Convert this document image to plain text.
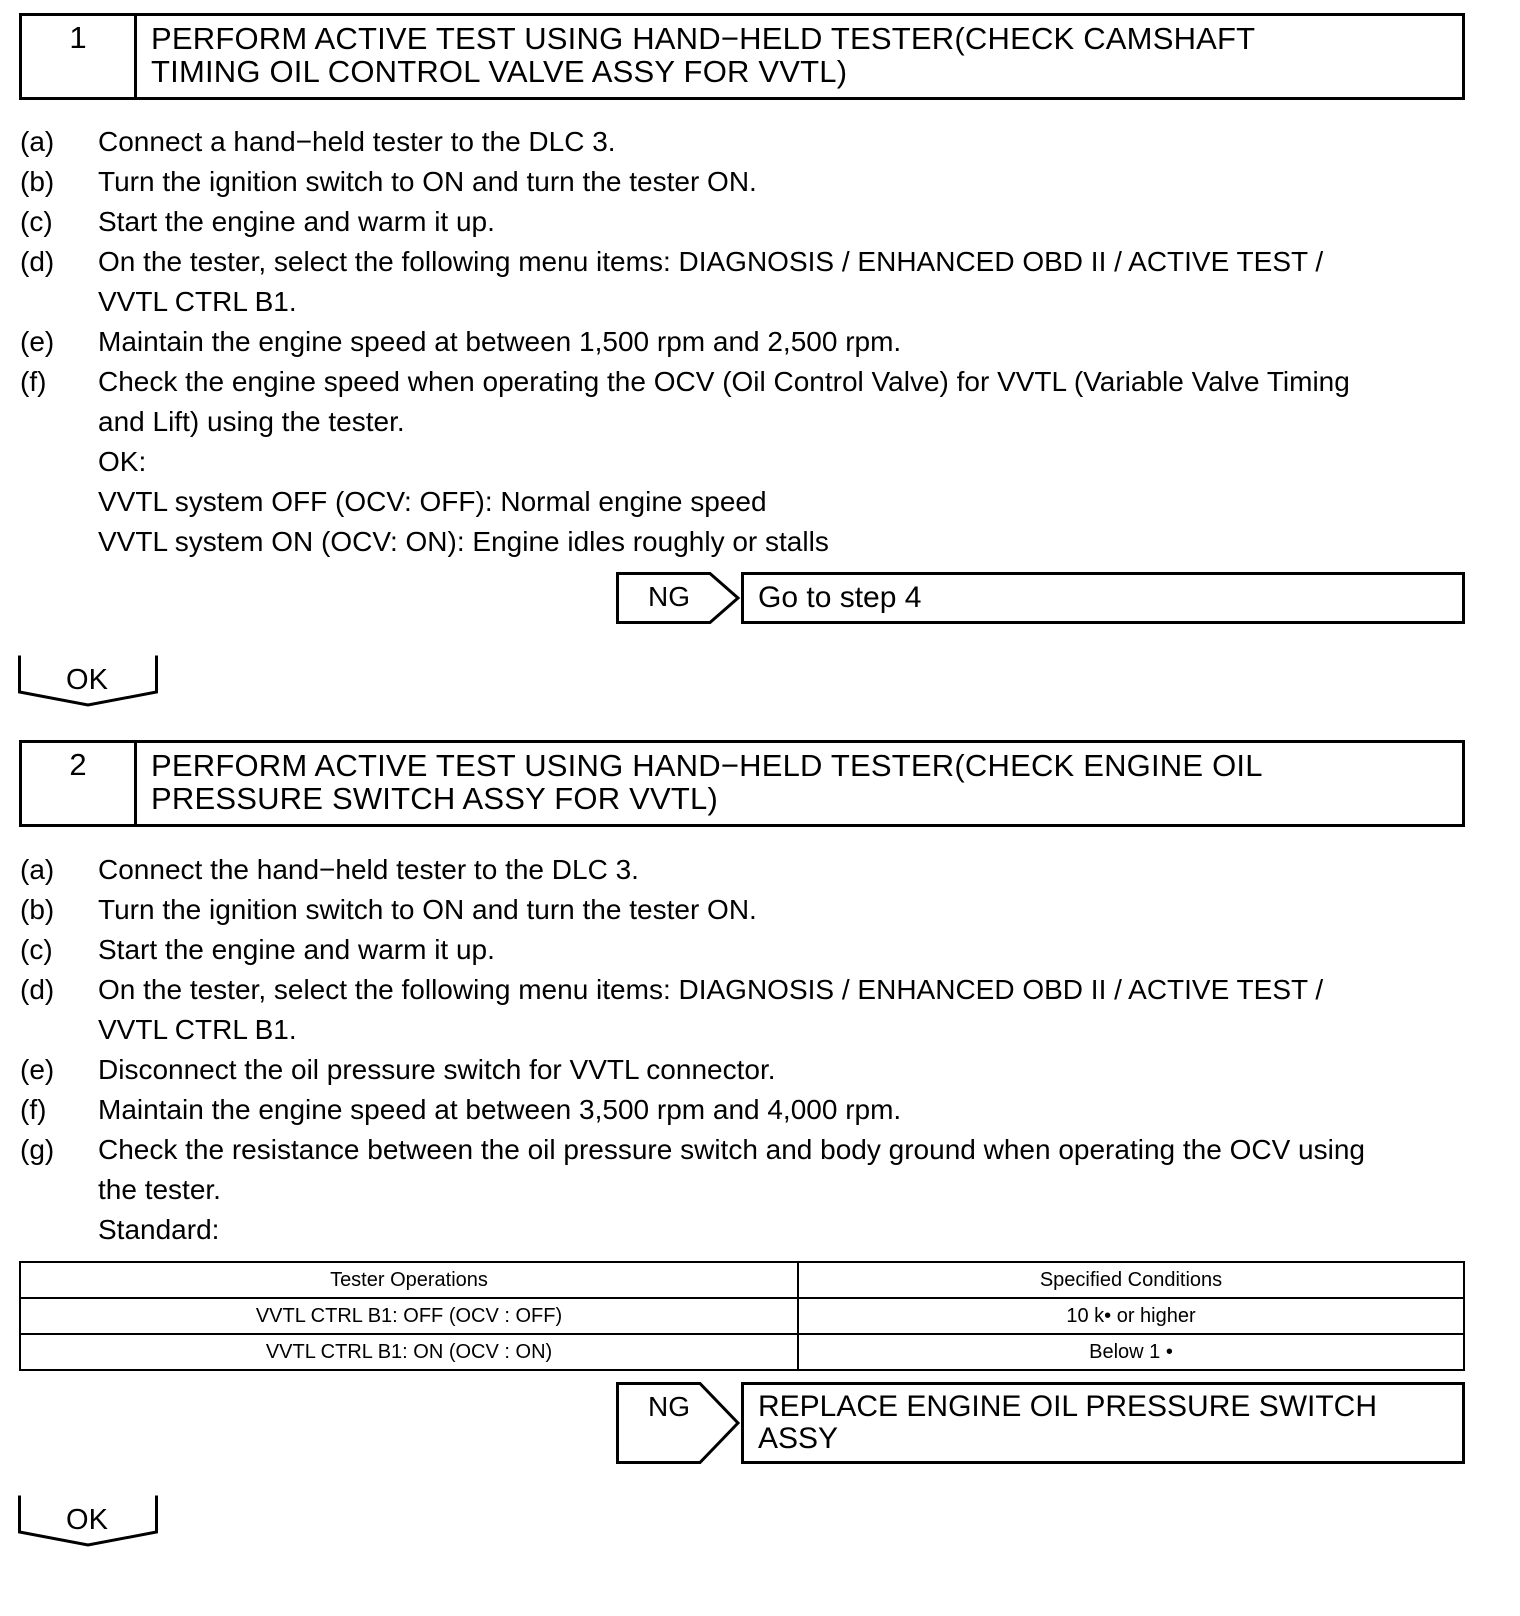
1	PERFORM ACTIVE TEST USING HAND−HELD TESTER(CHECK CAMSHAFT
TIMING OIL CONTROL VALVE ASSY FOR VVTL)
(a)	Connect a hand−held tester to the DLC 3.
(b)	Turn the ignition switch to ON and turn the tester ON.
(c)	Start the engine and warm it up.
(d)	On the tester, select the following menu items: DIAGNOSIS / ENHANCED OBD II / ACTIVE TEST /
VVTL CTRL B1.
(e)	Maintain the engine speed at between 1,500 rpm and 2,500 rpm.
(f)	Check the engine speed when operating the OCV (Oil Control Valve) for VVTL (Variable Valve Timing
and Lift) using the tester.
OK:
VVTL system OFF (OCV: OFF): Normal engine speed
VVTL system ON (OCV: ON): Engine idles roughly or stalls
NG	Go to step 4
OK
2	PERFORM ACTIVE TEST USING HAND−HELD TESTER(CHECK ENGINE OIL
PRESSURE SWITCH ASSY FOR VVTL)
(a)	Connect the hand−held tester to the DLC 3.
(b)	Turn the ignition switch to ON and turn the tester ON.
(c)	Start the engine and warm it up.
(d)	On the tester, select the following menu items: DIAGNOSIS / ENHANCED OBD II / ACTIVE TEST /
VVTL CTRL B1.
(e)	Disconnect the oil pressure switch for VVTL connector.
(f)	Maintain the engine speed at between 3,500 rpm and 4,000 rpm.
(g)	Check the resistance between the oil pressure switch and body ground when operating the OCV using
the tester.
Standard:
Tester Operations	Specified Conditions
VVTL CTRL B1: OFF (OCV : OFF)	10 k• or higher
VVTL CTRL B1: ON (OCV : ON)	Below 1 •
NG REPLACE ENGINE OIL PRESSURE SWITCH
ASSY
OK
